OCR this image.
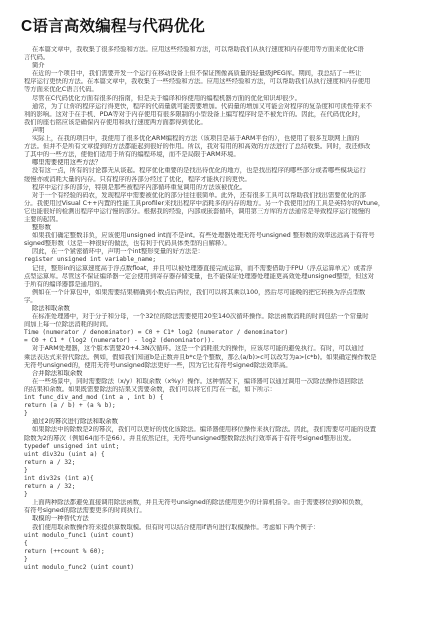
C语言高效编程与代码优化
在本篇文章中，我收集了很多经验和方法。应用这些经验和方法，可以帮助我们从执行速度和内存使用等方面来优化C语
言代码。
简介
在近的一个项目中，我们需要开发一个运行在移动设备上但不保证图像高质量的轻量级JPEG库。期间，我总结了一些让
程序运行更快的方法。在本篇文章中，我收集了一些经验和方法。应用这些经验和方法，可以帮助我们从执行速度和内存使用
等方面来优化C语言代码。
尽管在C代码优化方面有很多的指南，但是关于编译和你使用的编程机器方面的优化知识却很少。
通常，为了让你的程序运行得更快，程序的代码量就可能需要增加。代码量的增加又可能会对程序的复杂度和可读性带来不
利的影响。这对于在手机、PDA等对于内存使用有很多限制的小型设备上编写程序时是不被允许的。因此，在代码优化时，
我们的座右铭应该是确保内存使用和执行速度两方面都得到优化。
声明
实际上，在我的项目中，我使用了很多优化ARM编程的方法（该项目是基于ARM平台的），也使用了很多互联网上面的
方法。但并不是所有文章提到的方法都能起到很好的作用。所以，我对有用的和高效的方法进行了总结收集。同时，我还修改
了其中的一些方法，使他们适用于所有的编程环境，而不是局限于ARM环境。
哪里需要使用这些方法？
没有这一点，所有的讨论都无从谈起。程序优化重要的是找出待优化的地方，也是找出程序的哪些部分或者哪些模块运行
缓慢亦或消耗大量的内存。只有程序的各部分经过了优化，程序才能执行的更快。
程序中运行多的部分，特别是那些被程序内部循环重复调用的方法该被优化。
对于一个有经验的码农，发现程序中需要被优化的部分往往很简单。此外，还有很多工具可以帮助我们找出需要优化的部
分。我使用过Visual C++内置的性能工具profiler来找出程序中消耗多的内存的地方。另一个我使用过的工具是英特尔的Vtune，
它也能很好的检测出程序中运行慢的部分。根据我的经验，内部或嵌套循环，调用第三方库的方法通常是导致程序运行缓慢的
主要的起因。
整形数
如果我们确定整数非负，应该使用unsigned int而不是int。有些处理器处理无符号unsigned 整形数的效率远远高于有符号
signed整形数（这是一种很好的做法，也有利于代码具体类型的自解释）。
因此，在一个紧密循环中，声明一个int整形变量的好方法是：
register unsigned int variable_name;
记住，整形in的运算速度高于浮点数float，并且可以被处理器直接完成运算，而不需要借助于FPU（浮点运算单元）或者浮
点型运算库。尽管这不保证编译器一定会使用到寄存器存储变量，也不能保证处理器处理能更高效处理unsigned整型，但这对
于所有的编译器都是通用的。
例如在一个计算包中，如果需要结果精确到小数点后两位，我们可以将其乘以100，然后尽可能晚的把它转换为浮点型数
字。
除法和取余数
在标准处理器中，对于分子和分母，一个32位的除法需要使用20至140次循环操作。除法函数消耗的时间包括一个常量时
间加上每一位除法消耗的时间。
Time (numerator / denominator) = C0 + C1* log2 (numerator / denominator)
= C0 + C1 * (log2 (numerator) - log2 (denominator)).
对于ARM处理器，这个版本需要20+4.3N次循环。这是一个消耗很大的操作，应该尽可能的避免执行。有时，可以通过
乘法表达式来替代除法。例如，假如我们知道b是正数并且b*c是个整数，那么(a/b)>c可以改写为a>(c*b)。如果确定操作数是
无符号unsigned的，使用无符号unsigned除法更好一些，因为它比有符号signed除法效率高。
合并除法和取余数
在一些场景中，同时需要除法（x/y）和取余数（x%y）操作。这种情况下，编译器可以通过调用一次除法操作返回除法
的结果和余数。如果既需要除法的结果又需要余数，我们可以将它们写在一起，如下所示：
int func_div_and_mod (int a , int b) {
return (a / b) + (a % b);
}
通过2的幂次进行除法和取余数
如果除法中的除数是2的幂次，我们可以更好的优化该除法。编译器使用移位操作来执行除法。因此，我们需要尽可能的设置
除数为2的幂次（例如64而不是66）。并且依然记住，无符号unsigned整数除法执行效率高于有符号signed整形出发。
typedef unsigned int uint;
uint div32u (uint a) {
return a / 32;
}
int div32s (int a){
return a / 32;
}
上面两种除法都避免直接调用除法函数，并且无符号unsigned的除法使用更少的计算机指令。由于需要移位到0和负数，
有符号signed的除法需要更多的时间执行。
取模的一种替代方法
我们使用取余数操作符来提供算数取模。但有时可以结合使用if语句进行取模操作。考虑如下两个例子：
uint modulo_func1 (uint count)
{
return (++count % 60);
}
uint modulo_func2 (uint count)
